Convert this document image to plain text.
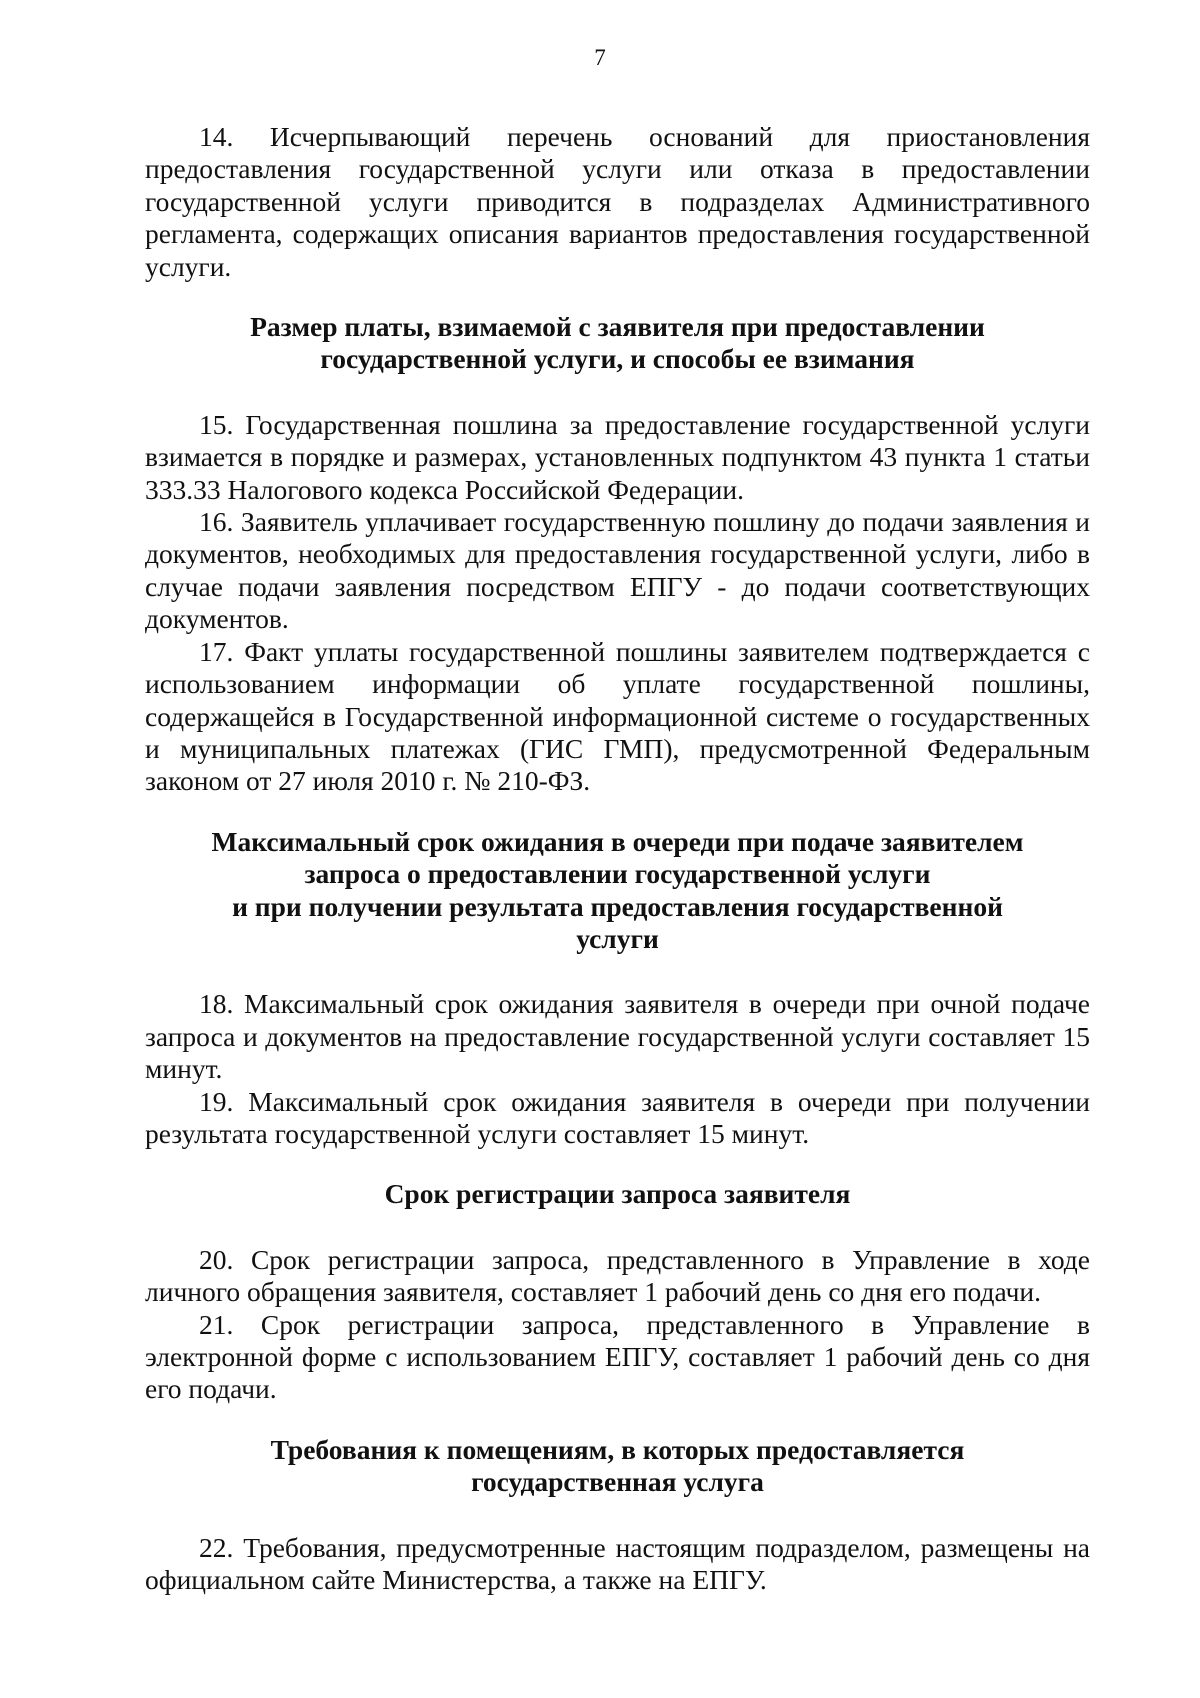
7

14. Исчерпывающий перечень оснований для приостановления предоставления государственной услуги или отказа в предоставлении государственной услуги приводится в подразделах Административного регламента, содержащих описания вариантов предоставления государственной услуги.

Размер платы, взимаемой с заявителя при предоставлении
государственной услуги, и способы ее взимания

15. Государственная пошлина за предоставление государственной услуги взимается в порядке и размерах, установленных подпунктом 43 пункта 1 статьи 333.33 Налогового кодекса Российской Федерации.

16. Заявитель уплачивает государственную пошлину до подачи заявления и документов, необходимых для предоставления государственной услуги, либо в случае подачи заявления посредством ЕПГУ - до подачи соответствующих документов.

17. Факт уплаты государственной пошлины заявителем подтверждается с использованием информации об уплате государственной пошлины, содержащейся в Государственной информационной системе о государственных и муниципальных платежах (ГИС ГМП), предусмотренной Федеральным законом от 27 июля 2010 г. № 210-ФЗ.

Максимальный срок ожидания в очереди при подаче заявителем
запроса о предоставлении государственной услуги
и при получении результата предоставления государственной
услуги

18. Максимальный срок ожидания заявителя в очереди при очной подаче запроса и документов на предоставление государственной услуги составляет 15 минут.

19. Максимальный срок ожидания заявителя в очереди при получении результата государственной услуги составляет 15 минут.

Срок регистрации запроса заявителя

20. Срок регистрации запроса, представленного в Управление в ходе личного обращения заявителя, составляет 1 рабочий день со дня его подачи.

21. Срок регистрации запроса, представленного в Управление в электронной форме с использованием ЕПГУ, составляет 1 рабочий день со дня его подачи.

Требования к помещениям, в которых предоставляется
государственная услуга

22. Требования, предусмотренные настоящим подразделом, размещены на официальном сайте Министерства, а также на ЕПГУ.
